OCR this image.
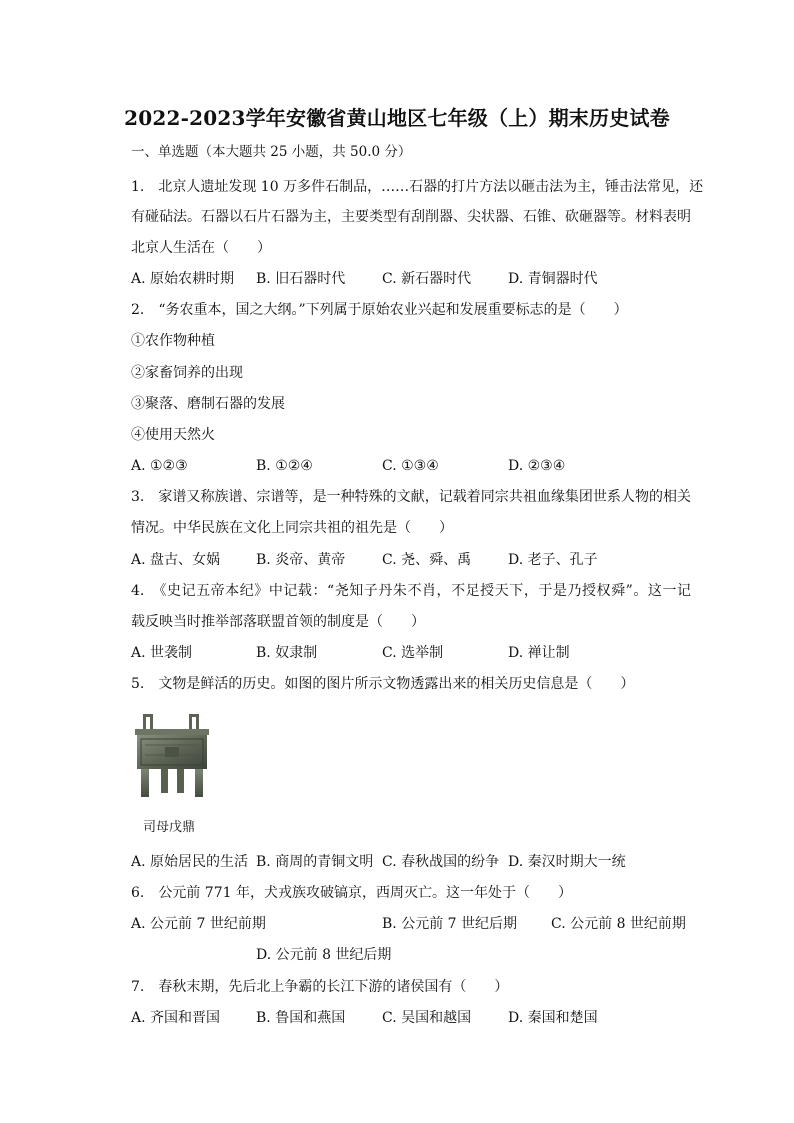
2022-2023学年安徽省黄山地区七年级（上）期末历史试卷
一、单选题（本大题共 25 小题，共 50.0 分）
1.　北京人遗址发现 10 万多件石制品，……石器的打片方法以砸击法为主，锤击法常见，还
有碰砧法。石器以石片石器为主，主要类型有刮削器、尖状器、石锥、砍砸器等。材料表明
北京人生活在（　　）
A. 原始农耕时期 B. 旧石器时代	C. 新石器时代	D. 青铜器时代
2.　“务农重本，国之大纲。”下列属于原始农业兴起和发展重要标志的是（　　）
①农作物种植
②家畜饲养的出现
③聚落、磨制石器的发展
④使用天然火
A. ①②③	B. ①②④	C. ①③④	D. ②③④
3.　家谱又称族谱、宗谱等，是一种特殊的文献，记载着同宗共祖血缘集团世系人物的相关
情况。中华民族在文化上同宗共祖的祖先是（　　）
A. 盘古、女娲	B. 炎帝、黄帝	C. 尧、舜、禹	D. 老子、孔子
4.　《史记五帝本纪》中记载：“尧知子丹朱不肖，不足授天下，于是乃授权舜”。这一记
载反映当时推举部落联盟首领的制度是（　　）
A. 世袭制	B. 奴隶制	C. 选举制	D. 禅让制
5.　文物是鲜活的历史。如图的图片所示文物透露出来的相关历史信息是（　　）
司母戊鼎
A. 原始居民的生活 B. 商周的青铜文明 C. 春秋战国的纷争 D. 秦汉时期大一统
6.　公元前 771 年，犬戎族攻破镐京，西周灭亡。这一年处于（　　）
A. 公元前 7 世纪前期	B. 公元前 7 世纪后期 C. 公元前 8 世纪前期
D. 公元前 8 世纪后期
7.　春秋末期，先后北上争霸的长江下游的诸侯国有（　　）
A. 齐国和晋国	B. 鲁国和燕国	C. 吴国和越国	D. 秦国和楚国
